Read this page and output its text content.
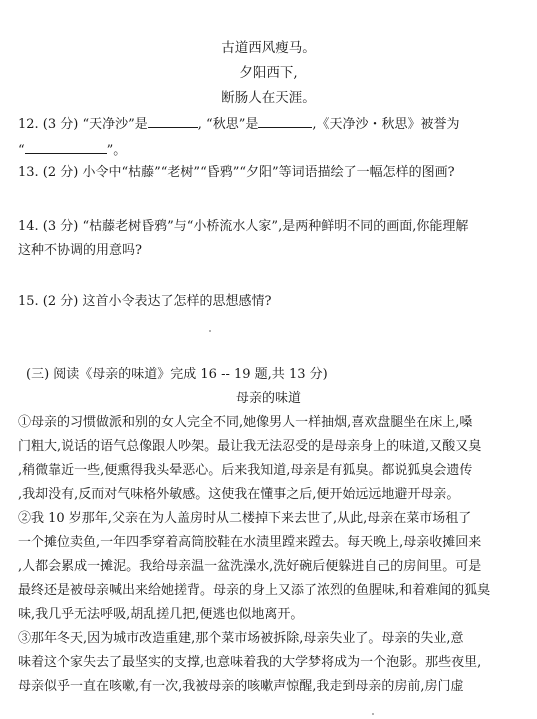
古道西风瘦马。
夕阳西下,
断肠人在天涯。
12. (3 分) “天净沙”是	, “秋思”是	,《天净沙・秋思》被誉为
“	”。
13. (2 分) 小令中“枯藤”“老树”“昏鸦”“夕阳”等词语描绘了一幅怎样的图画?
14. (3 分) “枯藤老树昏鸦”与“小桥流水人家”,是两种鲜明不同的画面,你能理解
这种不协调的用意吗?
15. (2 分) 这首小令表达了怎样的思想感情?
(三) 阅读《母亲的味道》完成 16 -- 19 题,共 13 分)
母亲的味道
①母亲的习惯做派和别的女人完全不同,她像男人一样抽烟,喜欢盘腿坐在床上,嗓
门粗大,说话的语气总像跟人吵架。最让我无法忍受的是母亲身上的味道,又酸又臭
,稍微靠近一些,便熏得我头晕恶心。后来我知道,母亲是有狐臭。都说狐臭会遗传
,我却没有,反而对气味格外敏感。这使我在懂事之后,便开始远远地避开母亲。
②我 10 岁那年,父亲在为人盖房时从二楼掉下来去世了,从此,母亲在菜市场租了
一个摊位卖鱼,一年四季穿着高筒胶鞋在水渍里蹚来蹚去。每天晚上,母亲收摊回来
,人都会累成一摊泥。我给母亲温一盆洗澡水,洗好碗后便躲进自己的房间里。可是
最终还是被母亲喊出来给她搓背。母亲的身上又添了浓烈的鱼腥味,和着难闻的狐臭
味,我几乎无法呼吸,胡乱搓几把,便逃也似地离开。
③那年冬天,因为城市改造重建,那个菜市场被拆除,母亲失业了。母亲的失业,意
味着这个家失去了最坚实的支撑,也意味着我的大学梦将成为一个泡影。那些夜里,
母亲似乎一直在咳嗽,有一次,我被母亲的咳嗽声惊醒,我走到母亲的房前,房门虚
